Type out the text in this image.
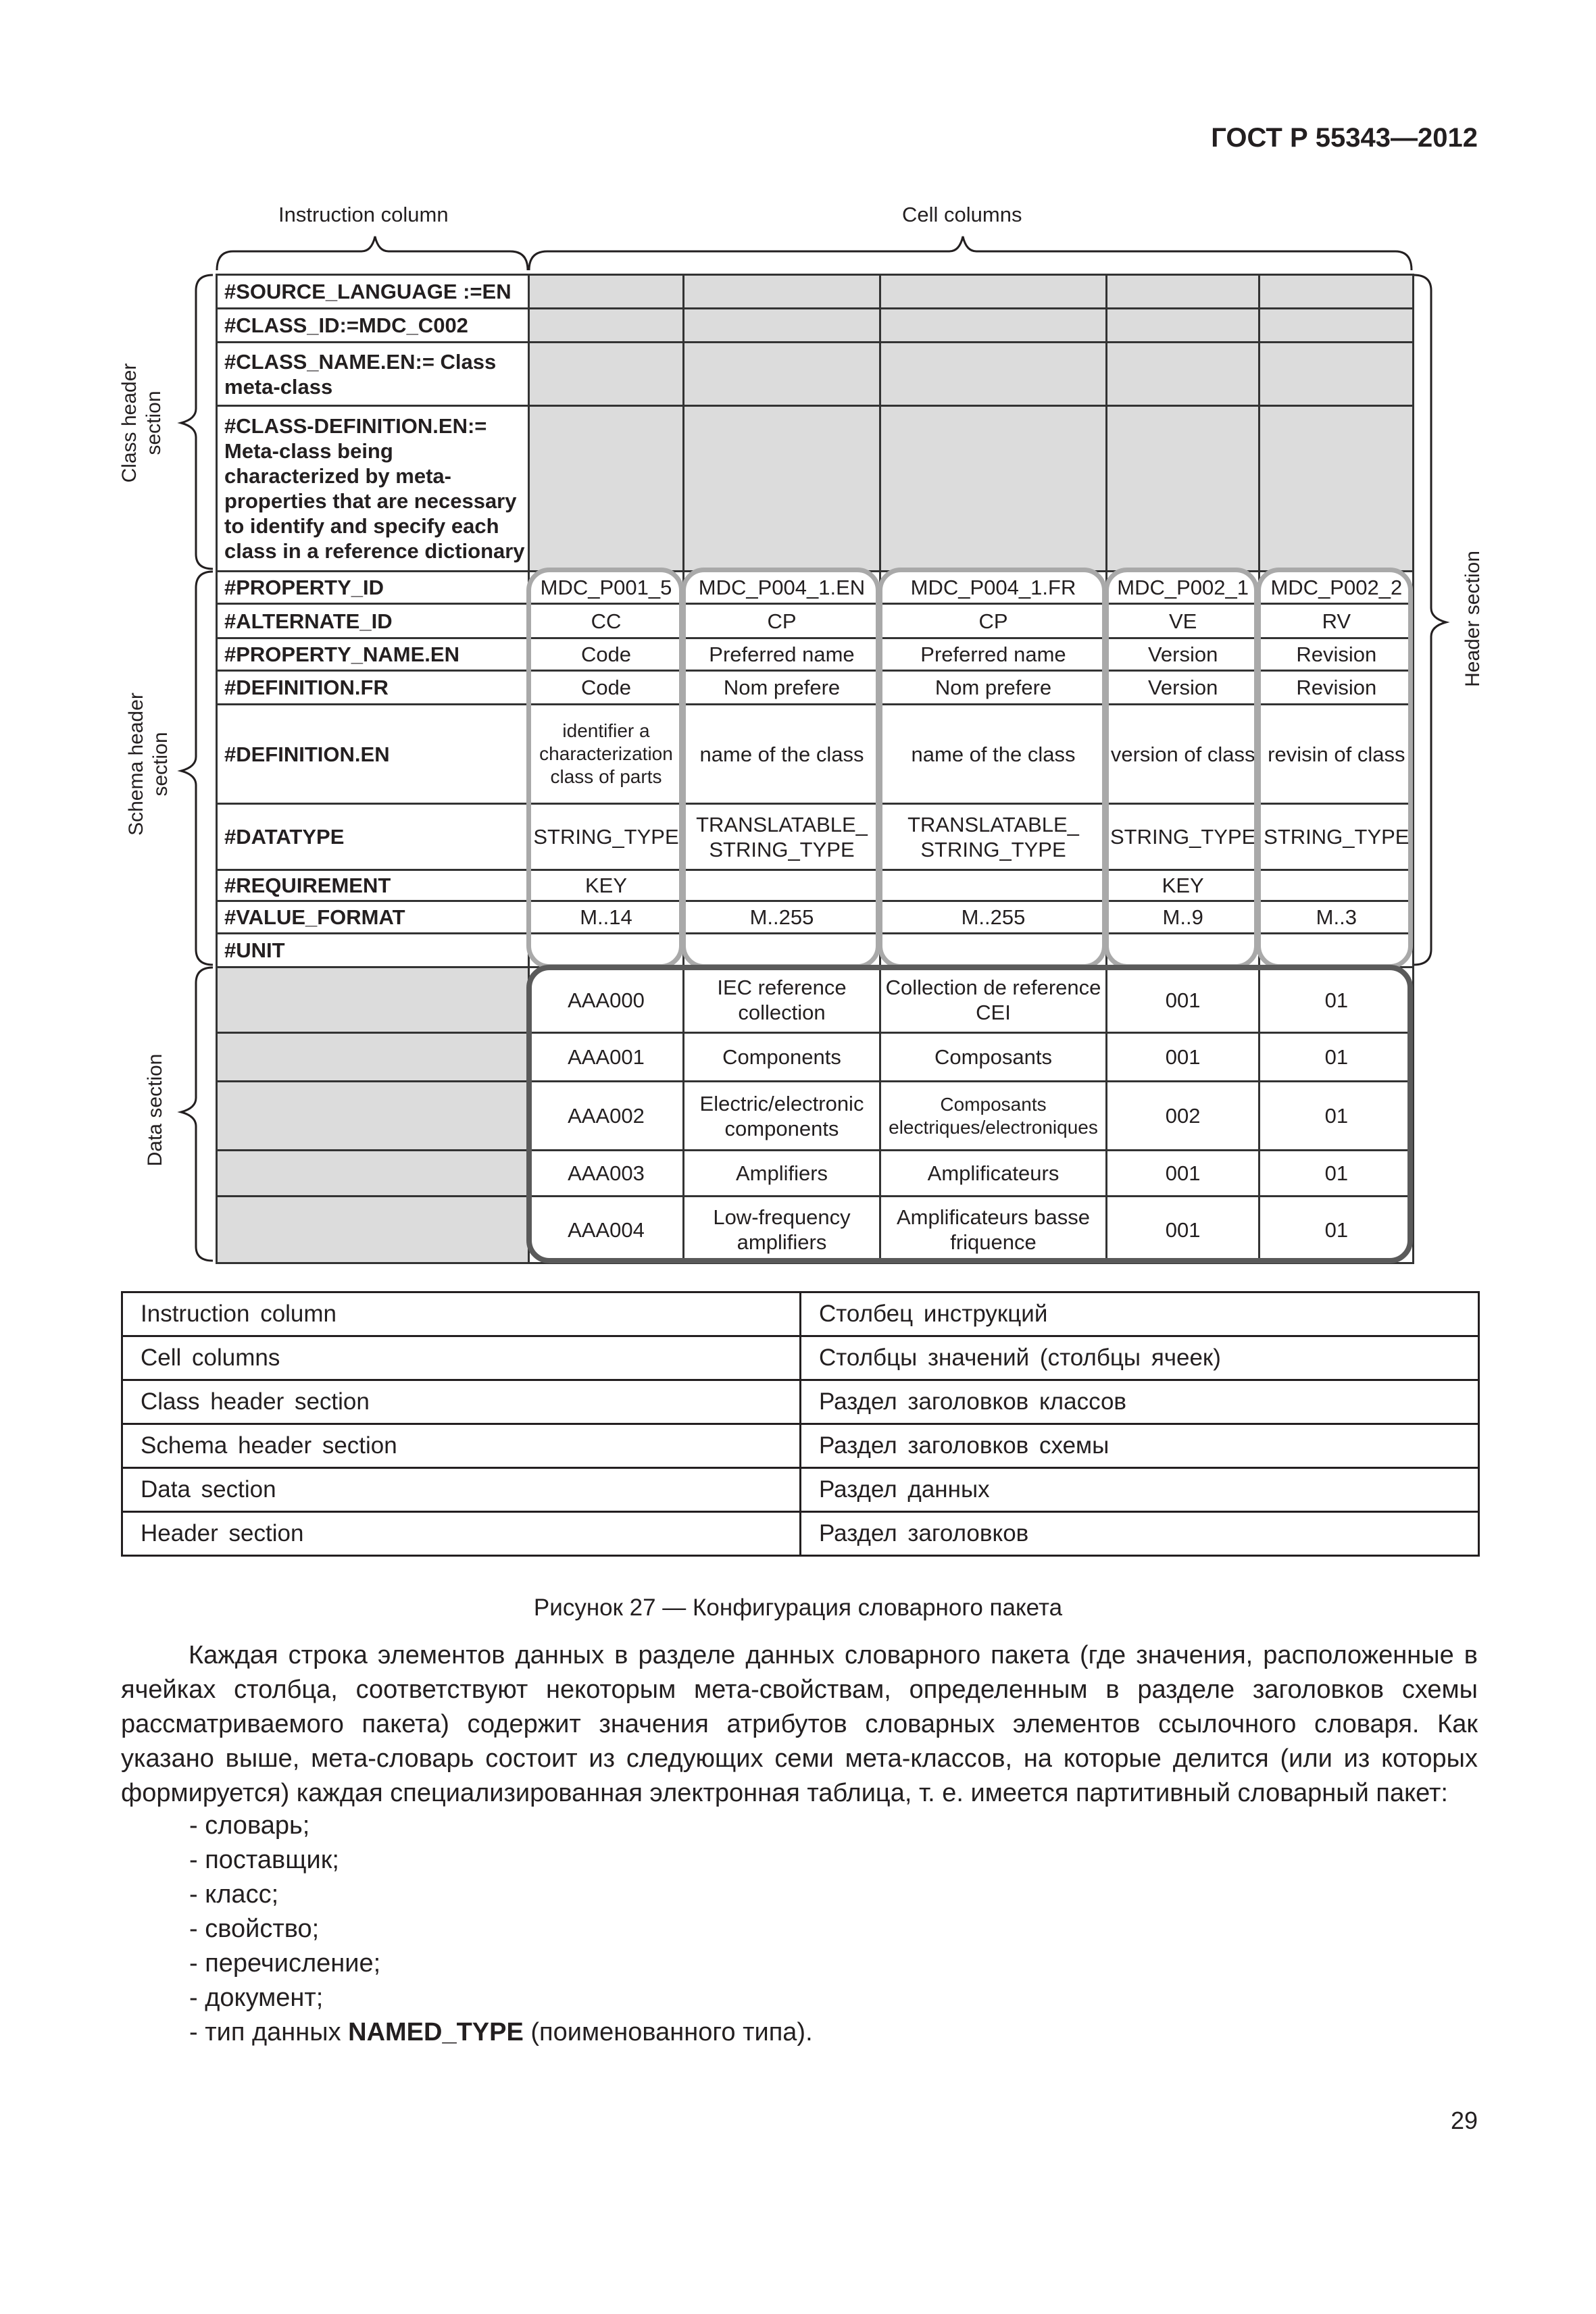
ГОСТ Р 55343—2012
Instruction column	Cell columns
Class header section
Schema header section
Data section
Header section
#SOURCE_LANGUAGE :=EN					
#CLASS_ID:=MDC_C002					
#CLASS_NAME.EN:= Class meta-class					
#CLASS-DEFINITION.EN:= Meta-class being characterized by meta-properties that are necessary to identify and specify each class in a reference dictionary					
#PROPERTY_ID	MDC_P001_5	MDC_P004_1.EN	MDC_P004_1.FR	MDC_P002_1	MDC_P002_2
#ALTERNATE_ID	CC	CP	CP	VE	RV
#PROPERTY_NAME.EN	Code	Preferred name	Preferred name	Version	Revision
#DEFINITION.FR	Code	Nom prefere	Nom prefere	Version	Revision
#DEFINITION.EN	identifier a characterization class of parts	name of the class	name of the class	version of class	revisin of class
#DATATYPE	STRING_TYPE	TRANSLATABLE_ STRING_TYPE	TRANSLATABLE_ STRING_TYPE	STRING_TYPE	STRING_TYPE
#REQUIREMENT	KEY			KEY	
#VALUE_FORMAT	M..14	M..255	M..255	M..9	M..3
#UNIT					
	AAA000	IEC reference collection	Collection de reference CEI	001	01
	AAA001	Components	Composants	001	01
	AAA002	Electric/electronic components	Composants electriques/electroniques	002	01
	AAA003	Amplifiers	Amplificateurs	001	01
	AAA004	Low-frequency amplifiers	Amplificateurs basse friquence	001	01
Instruction column	Столбец инструкций
Cell columns	Столбцы значений (столбцы ячеек)
Class header section	Раздел заголовков классов
Schema header section	Раздел заголовков схемы
Data section	Раздел данных
Header section	Раздел заголовков
Рисунок 27 — Конфигурация словарного пакета
Каждая строка элементов данных в разделе данных словарного пакета (где значения, расположенные в ячейках столбца, соответствуют некоторым мета-свойствам, определенным в разделе заголовков схемы рассматриваемого пакета) содержит значения атрибутов словарных элементов ссылочного словаря. Как указано выше, мета-словарь состоит из следующих семи мета-классов, на которые делится (или из которых формируется) каждая специализированная электронная таблица, т. е. имеется партитивный словарный пакет:
- словарь;
- поставщик;
- класс;
- свойство;
- перечисление;
- документ;
- тип данных NAMED_TYPE (поименованного типа).
29
